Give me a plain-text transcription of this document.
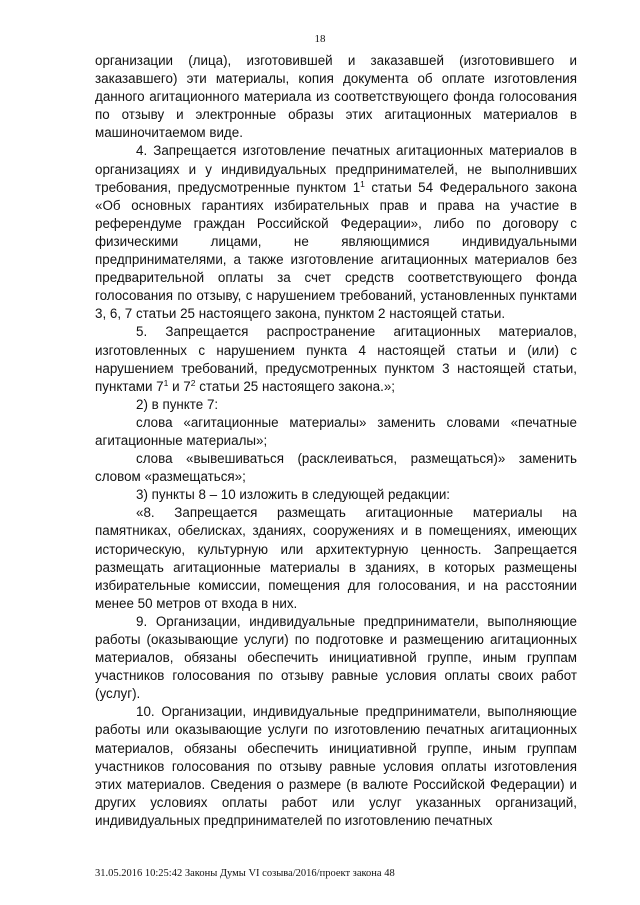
18

организации (лица), изготовившей и заказавшей (изготовившего и заказавшего) эти материалы, копия документа об оплате изготовления данного агитационного материала из соответствующего фонда голосования по отзыву и электронные образы этих агитационных материалов в машиночитаемом виде.

4. Запрещается изготовление печатных агитационных материалов в организациях и у индивидуальных предпринимателей, не выполнивших требования, предусмотренные пунктом $1^1$ статьи 54 Федерального закона «Об основных гарантиях избирательных прав и права на участие в референдуме граждан Российской Федерации», либо по договору с физическими лицами, не являющимися индивидуальными предпринимателями, а также изготовление агитационных материалов без предварительной оплаты за счет средств соответствующего фонда голосования по отзыву, с нарушением требований, установленных пунктами 3, 6, 7 статьи 25 настоящего закона, пунктом 2 настоящей статьи.

5. Запрещается распространение агитационных материалов, изготовленных с нарушением пункта 4 настоящей статьи и (или) с нарушением требований, предусмотренных пунктом 3 настоящей статьи, пунктами $7^1$ и $7^2$ статьи 25 настоящего закона.»;

2) в пункте 7:

слова «агитационные материалы» заменить словами «печатные агитационные материалы»;

слова «вывешиваться (расклеиваться, размещаться)» заменить словом «размещаться»;

3) пункты 8 – 10 изложить в следующей редакции:

«8. Запрещается размещать агитационные материалы на памятниках, обелисках, зданиях, сооружениях и в помещениях, имеющих историческую, культурную или архитектурную ценность. Запрещается размещать агитационные материалы в зданиях, в которых размещены избирательные комиссии, помещения для голосования, и на расстоянии менее 50 метров от входа в них.

9. Организации, индивидуальные предприниматели, выполняющие работы (оказывающие услуги) по подготовке и размещению агитационных материалов, обязаны обеспечить инициативной группе, иным группам участников голосования по отзыву равные условия оплаты своих работ (услуг).

10. Организации, индивидуальные предприниматели, выполняющие работы или оказывающие услуги по изготовлению печатных агитационных материалов, обязаны обеспечить инициативной группе, иным группам участников голосования по отзыву равные условия оплаты изготовления этих материалов. Сведения о размере (в валюте Российской Федерации) и других условиях оплаты работ или услуг указанных организаций, индивидуальных предпринимателей по изготовлению печатных

31.05.2016 10:25:42 Законы Думы VI созыва/2016/проект закона 48
